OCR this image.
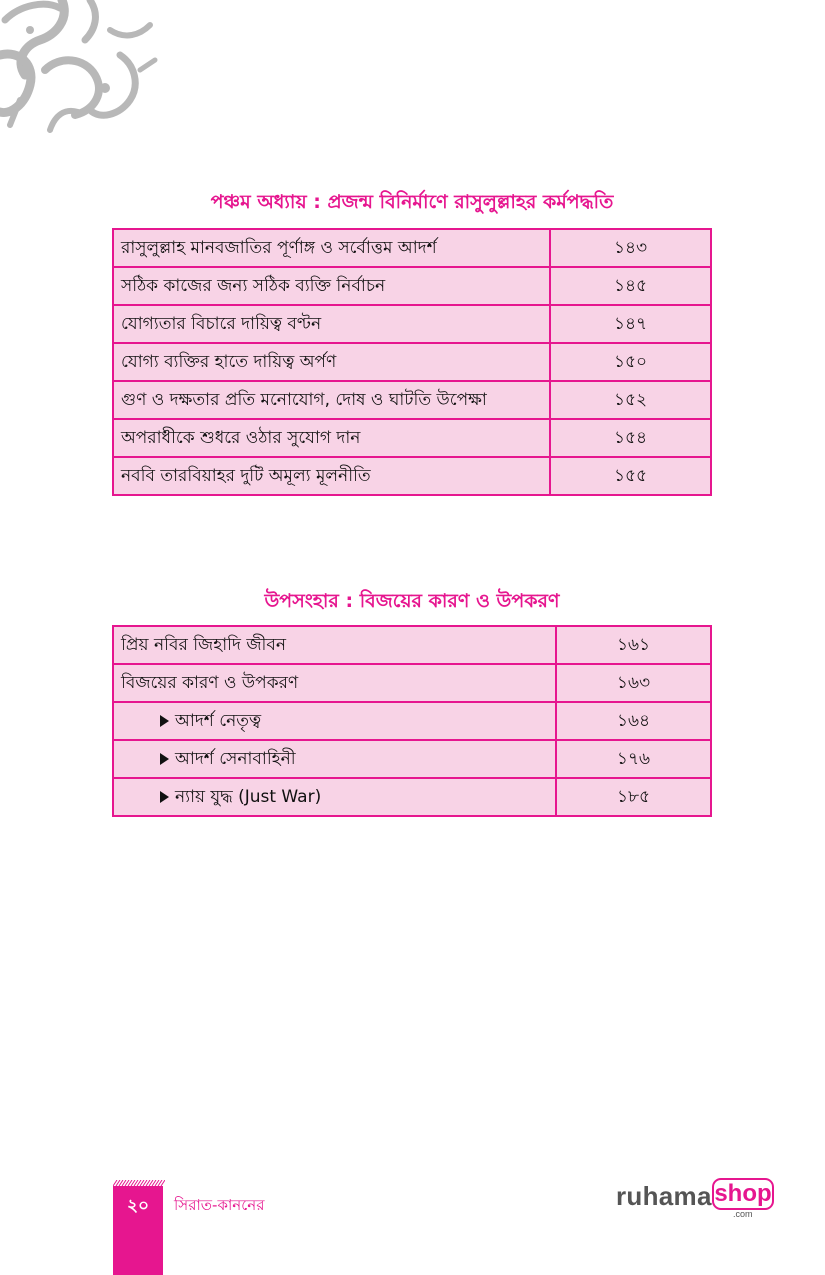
পঞ্চম অধ্যায় : প্রজন্ম বিনির্মাণে রাসুলুল্লাহর কর্মপদ্ধতি
রাসুলুল্লাহ মানবজাতির পূর্ণাঙ্গ ও সর্বোত্তম আদর্শ	১৪৩
সঠিক কাজের জন্য সঠিক ব্যক্তি নির্বাচন	১৪৫
যোগ্যতার বিচারে দায়িত্ব বণ্টন	১৪৭
যোগ্য ব্যক্তির হাতে দায়িত্ব অর্পণ	১৫০
গুণ ও দক্ষতার প্রতি মনোযোগ, দোষ ও ঘাটতি উপেক্ষা	১৫২
অপরাধীকে শুধরে ওঠার সুযোগ দান	১৫৪
নববি তারবিয়াহর দুটি অমূল্য মূলনীতি	১৫৫
উপসংহার : বিজয়ের কারণ ও উপকরণ
প্রিয় নবির জিহাদি জীবন	১৬১
বিজয়ের কারণ ও উপকরণ	১৬৩
আদর্শ নেতৃত্ব	১৬৪
আদর্শ সেনাবাহিনী	১৭৬
ন্যায় যুদ্ধ (Just War)	১৮৫
২০	সিরাত-কাননের	ruhama shop
.com
